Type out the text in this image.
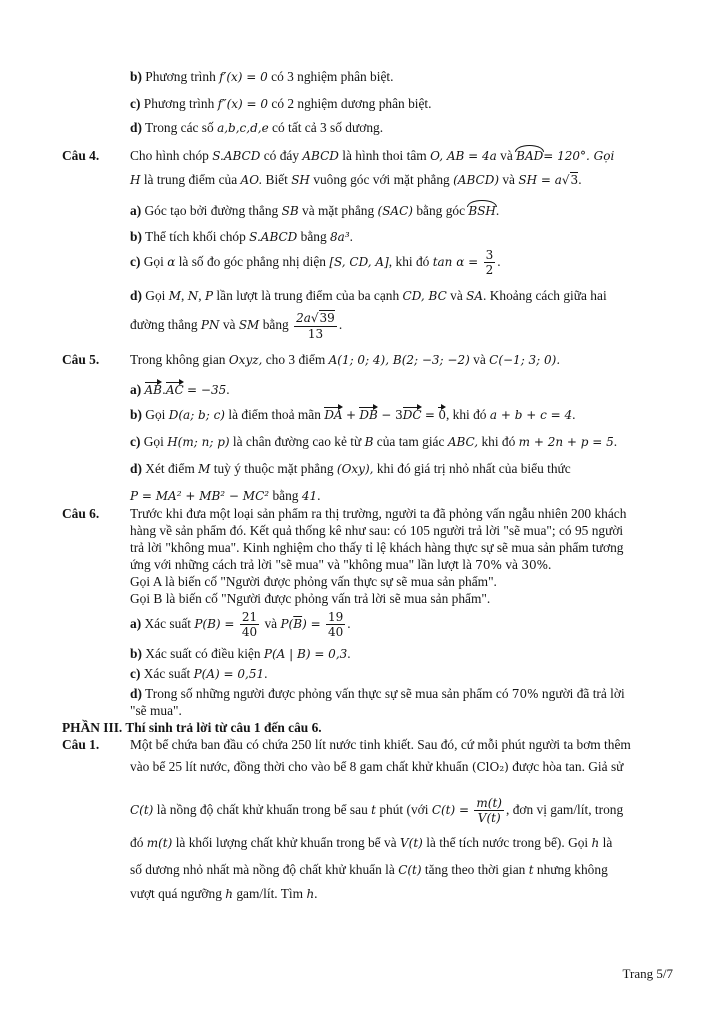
b) Phương trình f′(x) = 0 có 3 nghiệm phân biệt.
c) Phương trình f″(x) = 0 có 2 nghiệm dương phân biệt.
d) Trong các số a,b,c,d,e có tất cả 3 số dương.
Câu 4. Cho hình chóp S.ABCD có đáy ABCD là hình thoi tâm O, AB = 4a và BAD= 120°. Gọi
H là trung điểm của AO. Biết SH vuông góc với mặt phẳng (ABCD) và SH = a√3.
a) Góc tạo bởi đường thẳng SB và mặt phẳng (SAC) bằng góc BSH.
b) Thể tích khối chóp S.ABCD bằng 8a³.
c) Gọi α là số đo góc phẳng nhị diện [S, CD, A], khi đó $\tan \alpha = \frac{3}{2}$ .
d) Gọi M, N, P lần lượt là trung điểm của ba cạnh CD, BC và SA. Khoảng cách giữa hai
đường thẳng PN và SM bằng $\frac{2a√39}{13}$ .
Câu 5. Trong không gian Oxyz, cho 3 điểm A(1; 0; 4), B(2; −3; −2) và C(−1; 3; 0).
a) AB.AC = −35.
b) Gọi D(a; b; c) là điểm thoả mãn DA + DB − 3DC = 0, khi đó a + b + c = 4.
c) Gọi H(m; n; p) là chân đường cao kẻ từ B của tam giác ABC, khi đó m + 2n + p = 5.
d) Xét điểm M tuỳ ý thuộc mặt phẳng (Oxy), khi đó giá trị nhỏ nhất của biểu thức
P = MA² + MB² − MC² bằng 41.
Câu 6. Trước khi đưa một loại sản phẩm ra thị trường, người ta đã phỏng vấn ngẫu nhiên 200 khách
hàng về sản phẩm đó. Kết quả thống kê như sau: có 105 người trả lời "sẽ mua"; có 95 người
trả lời "không mua". Kinh nghiệm cho thấy tỉ lệ khách hàng thực sự sẽ mua sản phẩm tương
ứng với những cách trả lời "sẽ mua" và "không mua" lần lượt là 70% và 30%.
Gọi A là biến cố "Người được phỏng vấn thực sự sẽ mua sản phẩm".
Gọi B là biến cố "Người được phỏng vấn trả lời sẽ mua sản phẩm".
a) Xác suất $P(B) = \frac{21}{40}$ và $P(\overline{B}) = \frac{19}{40}$ .
b) Xác suất có điều kiện P(A | B) = 0,3.
c) Xác suất P(A) = 0,51.
d) Trong số những người được phỏng vấn thực sự sẽ mua sản phẩm có 70% người đã trả lời
"sẽ mua".
PHẦN III. Thí sinh trả lời từ câu 1 đến câu 6.
Câu 1. Một bể chứa ban đầu có chứa 250 lít nước tinh khiết. Sau đó, cứ mỗi phút người ta bơm thêm
vào bể 25 lít nước, đồng thời cho vào bể 8 gam chất khử khuẩn (ClO₂) được hòa tan. Giả sử
C(t) là nồng độ chất khử khuẩn trong bể sau t phút (với $C(t) = \frac{m(t)}{V(t)}$ , đơn vị gam/lít, trong
đó m(t) là khối lượng chất khử khuẩn trong bể và V(t) là thể tích nước trong bể). Gọi h là
số dương nhỏ nhất mà nồng độ chất khử khuẩn là C(t) tăng theo thời gian t nhưng không
vượt quá ngưỡng h gam/lít. Tìm h.
Trang 5/7
